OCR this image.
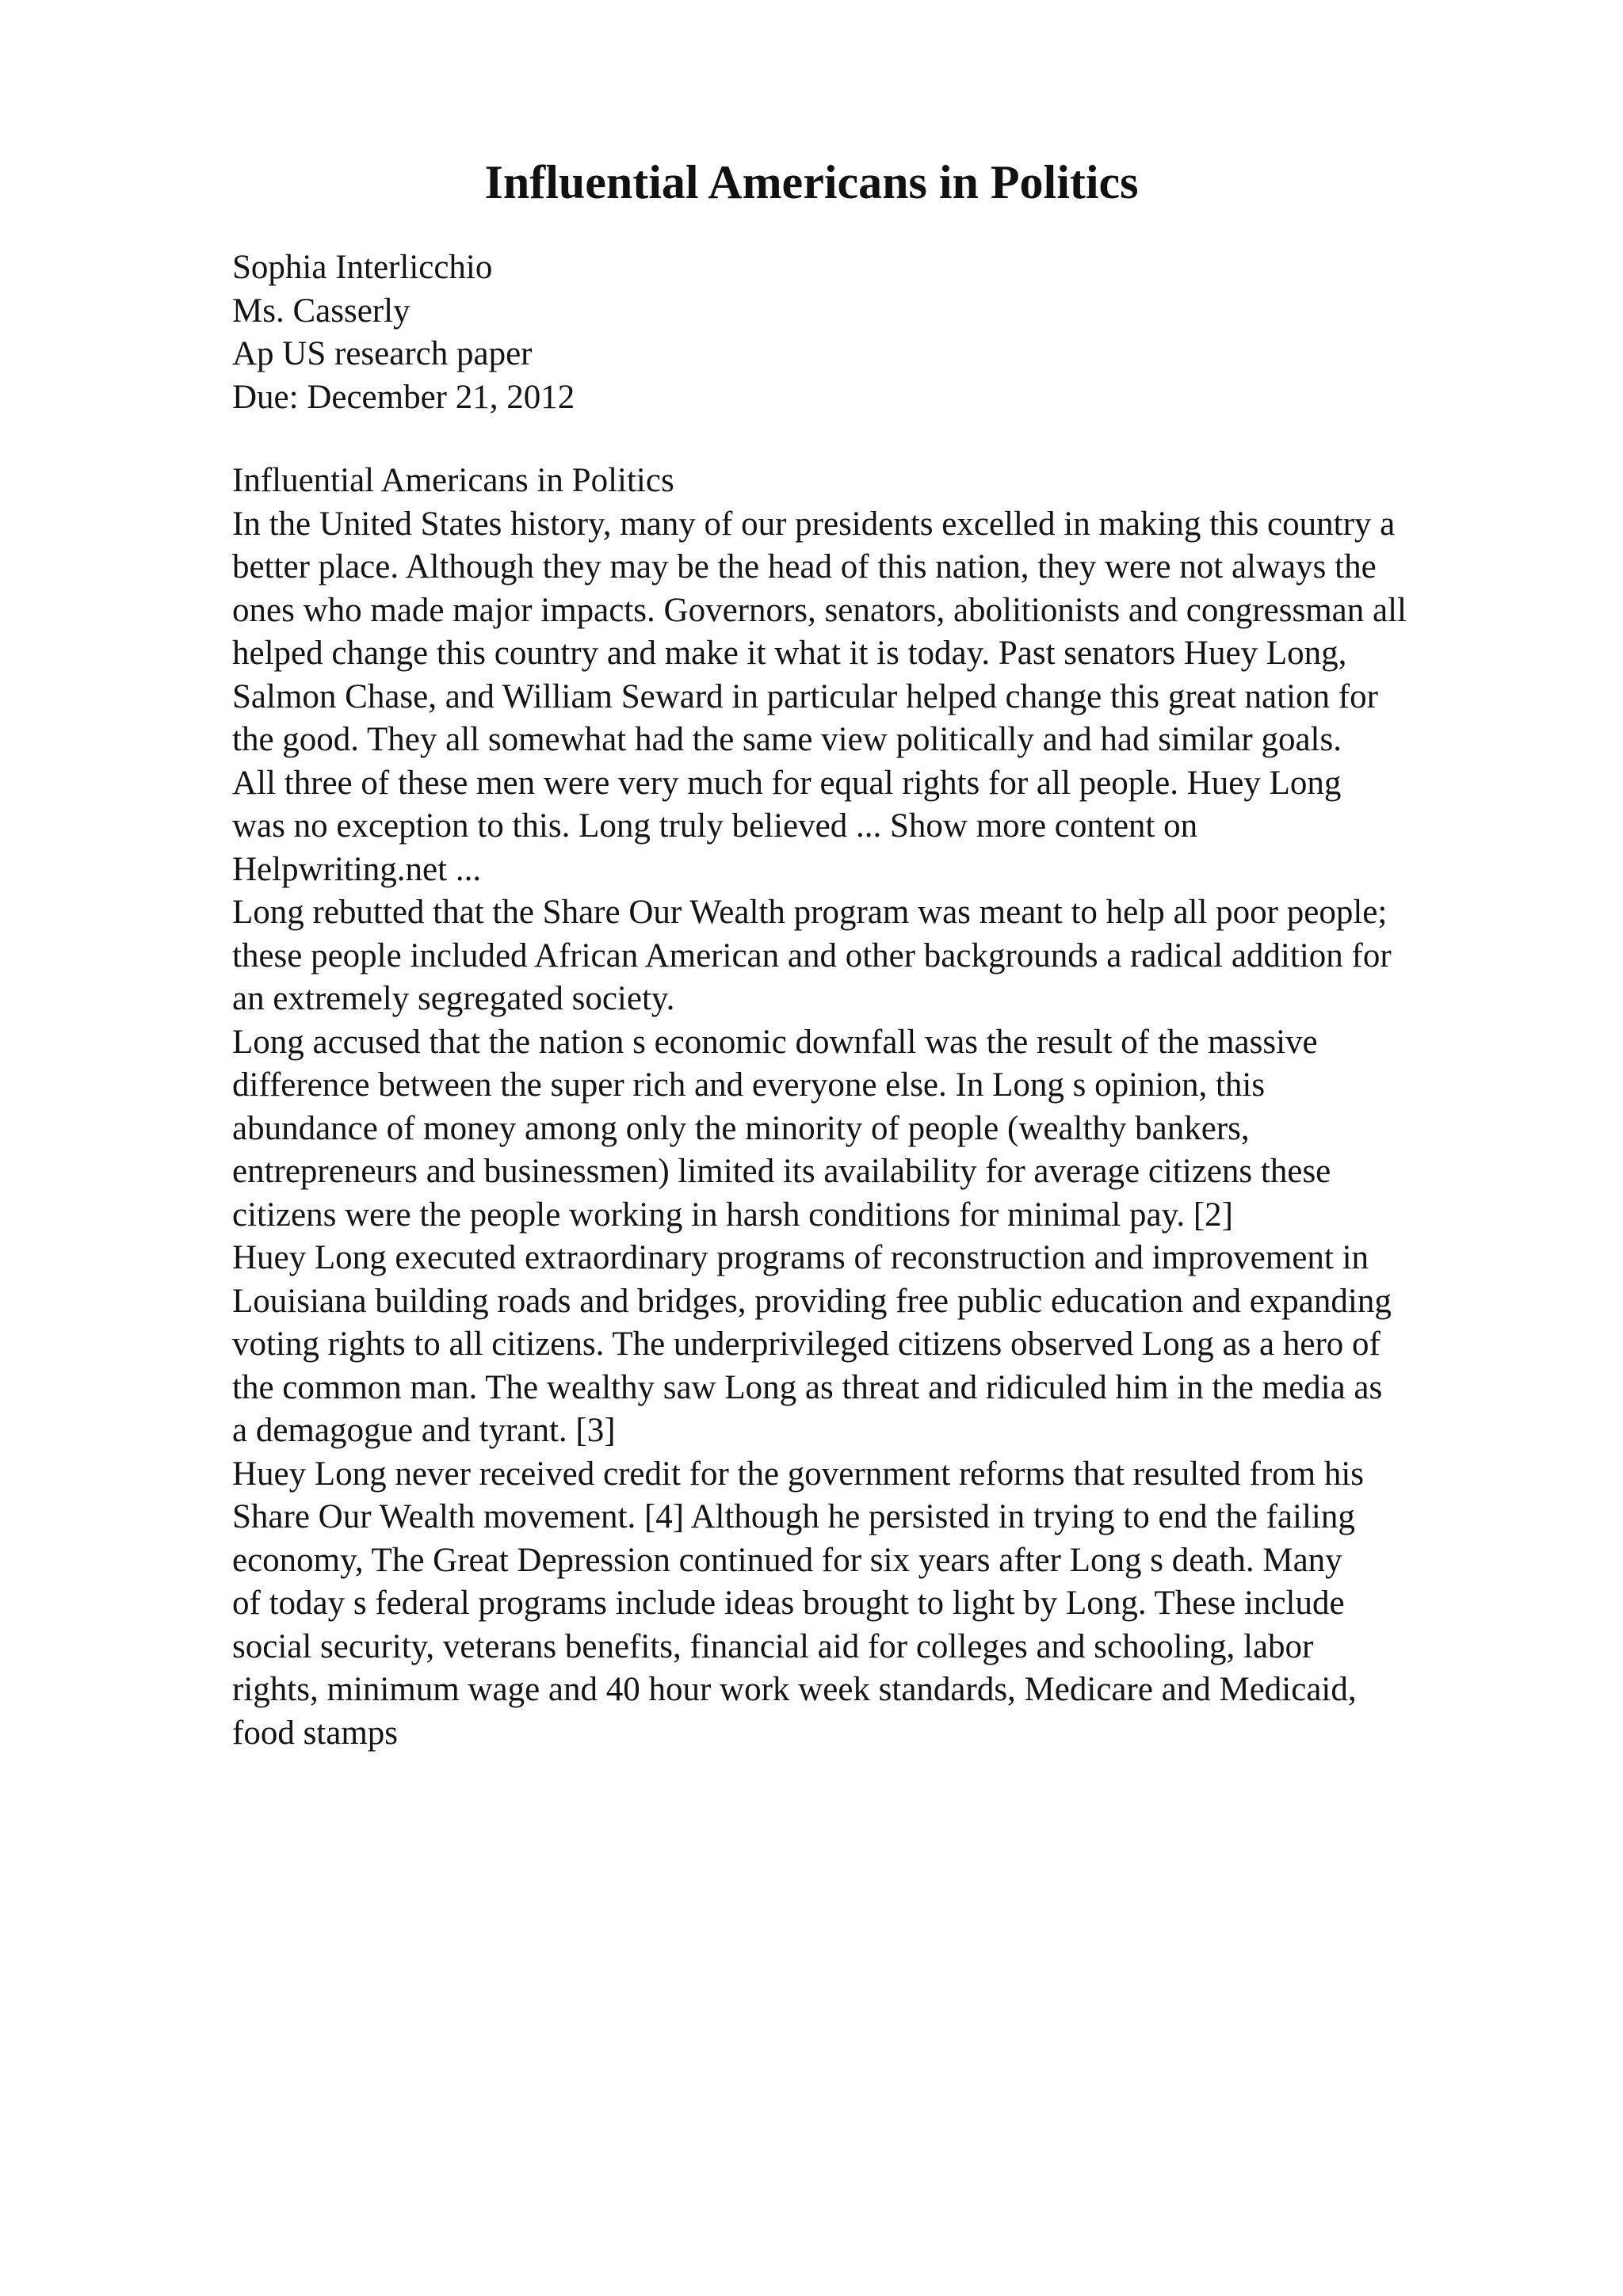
Influential Americans in Politics
Sophia Interlicchio
Ms. Casserly
Ap US research paper
Due: December 21, 2012
Influential Americans in Politics
In the United States history, many of our presidents excelled in making this country a
better place. Although they may be the head of this nation, they were not always the
ones who made major impacts. Governors, senators, abolitionists and congressman all
helped change this country and make it what it is today. Past senators Huey Long,
Salmon Chase, and William Seward in particular helped change this great nation for
the good. They all somewhat had the same view politically and had similar goals.
All three of these men were very much for equal rights for all people. Huey Long
was no exception to this. Long truly believed ... Show more content on
Helpwriting.net ...
Long rebutted that the Share Our Wealth program was meant to help all poor people;
these people included African American and other backgrounds a radical addition for
an extremely segregated society.
Long accused that the nation s economic downfall was the result of the massive
difference between the super rich and everyone else. In Long s opinion, this
abundance of money among only the minority of people (wealthy bankers,
entrepreneurs and businessmen) limited its availability for average citizens these
citizens were the people working in harsh conditions for minimal pay. [2]
Huey Long executed extraordinary programs of reconstruction and improvement in
Louisiana building roads and bridges, providing free public education and expanding
voting rights to all citizens. The underprivileged citizens observed Long as a hero of
the common man. The wealthy saw Long as threat and ridiculed him in the media as
a demagogue and tyrant. [3]
Huey Long never received credit for the government reforms that resulted from his
Share Our Wealth movement. [4] Although he persisted in trying to end the failing
economy, The Great Depression continued for six years after Long s death. Many
of today s federal programs include ideas brought to light by Long. These include
social security, veterans benefits, financial aid for colleges and schooling, labor
rights, minimum wage and 40 hour work week standards, Medicare and Medicaid,
food stamps
